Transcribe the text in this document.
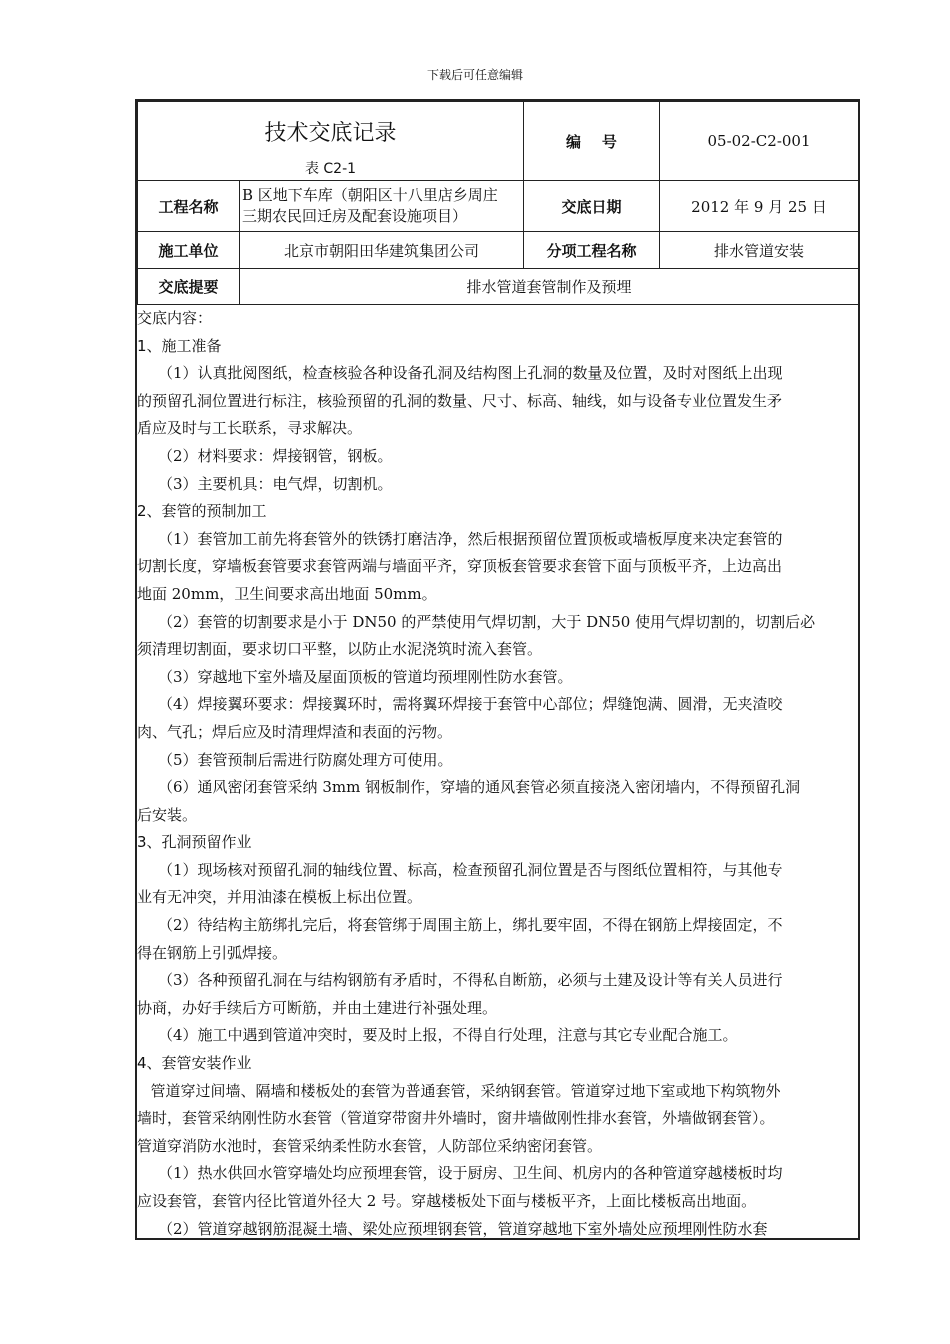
下载后可任意编辑
技术交底记录
表 C2-1		编    号	05-02-C2-001
工程名称	B 区地下车库（朝阳区十八里店乡周庄
三期农民回迁房及配套设施项目）	交底日期	2012 年 9 月 25 日
施工单位	北京市朝阳田华建筑集团公司	分项工程名称	排水管道安装
交底提要	排水管道套管制作及预埋		
交底内容：
1、施工准备
（1）认真批阅图纸，检查核验各种设备孔洞及结构图上孔洞的数量及位置，及时对图纸上出现
的预留孔洞位置进行标注，核验预留的孔洞的数量、尺寸、标高、轴线，如与设备专业位置发生矛
盾应及时与工长联系，寻求解决。
（2）材料要求：焊接钢管，钢板。
（3）主要机具：电气焊，切割机。
2、套管的预制加工
（1）套管加工前先将套管外的铁锈打磨洁净，然后根据预留位置顶板或墙板厚度来决定套管的
切割长度，穿墙板套管要求套管两端与墙面平齐，穿顶板套管要求套管下面与顶板平齐，上边高出
地面 20mm，卫生间要求高出地面 50mm。
（2）套管的切割要求是小于 DN50 的严禁使用气焊切割，大于 DN50 使用气焊切割的，切割后必
须清理切割面，要求切口平整，以防止水泥浇筑时流入套管。
（3）穿越地下室外墙及屋面顶板的管道均预埋刚性防水套管。
（4）焊接翼环要求：焊接翼环时，需将翼环焊接于套管中心部位；焊缝饱满、圆滑，无夹渣咬
肉、气孔；焊后应及时清理焊渣和表面的污物。
（5）套管预制后需进行防腐处理方可使用。
（6）通风密闭套管采纳 3mm 钢板制作，穿墙的通风套管必须直接浇入密闭墙内，不得预留孔洞
后安装。
3、孔洞预留作业
（1）现场核对预留孔洞的轴线位置、标高，检查预留孔洞位置是否与图纸位置相符，与其他专
业有无冲突，并用油漆在模板上标出位置。
（2）待结构主筋绑扎完后，将套管绑于周围主筋上，绑扎要牢固，不得在钢筋上焊接固定，不
得在钢筋上引弧焊接。
（3）各种预留孔洞在与结构钢筋有矛盾时，不得私自断筋，必须与土建及设计等有关人员进行
协商，办好手续后方可断筋，并由土建进行补强处理。
（4）施工中遇到管道冲突时，要及时上报，不得自行处理，注意与其它专业配合施工。
4、套管安装作业
管道穿过间墙、隔墙和楼板处的套管为普通套管，采纳钢套管。管道穿过地下室或地下构筑物外
墙时，套管采纳刚性防水套管（管道穿带窗井外墙时，窗井墙做刚性排水套管，外墙做钢套管）。
管道穿消防水池时，套管采纳柔性防水套管，人防部位采纳密闭套管。
（1）热水供回水管穿墙处均应预埋套管，设于厨房、卫生间、机房内的各种管道穿越楼板时均
应设套管，套管内径比管道外径大 2 号。穿越楼板处下面与楼板平齐，上面比楼板高出地面。
（2）管道穿越钢筋混凝土墙、梁处应预埋钢套管，管道穿越地下室外墙处应预埋刚性防水套
